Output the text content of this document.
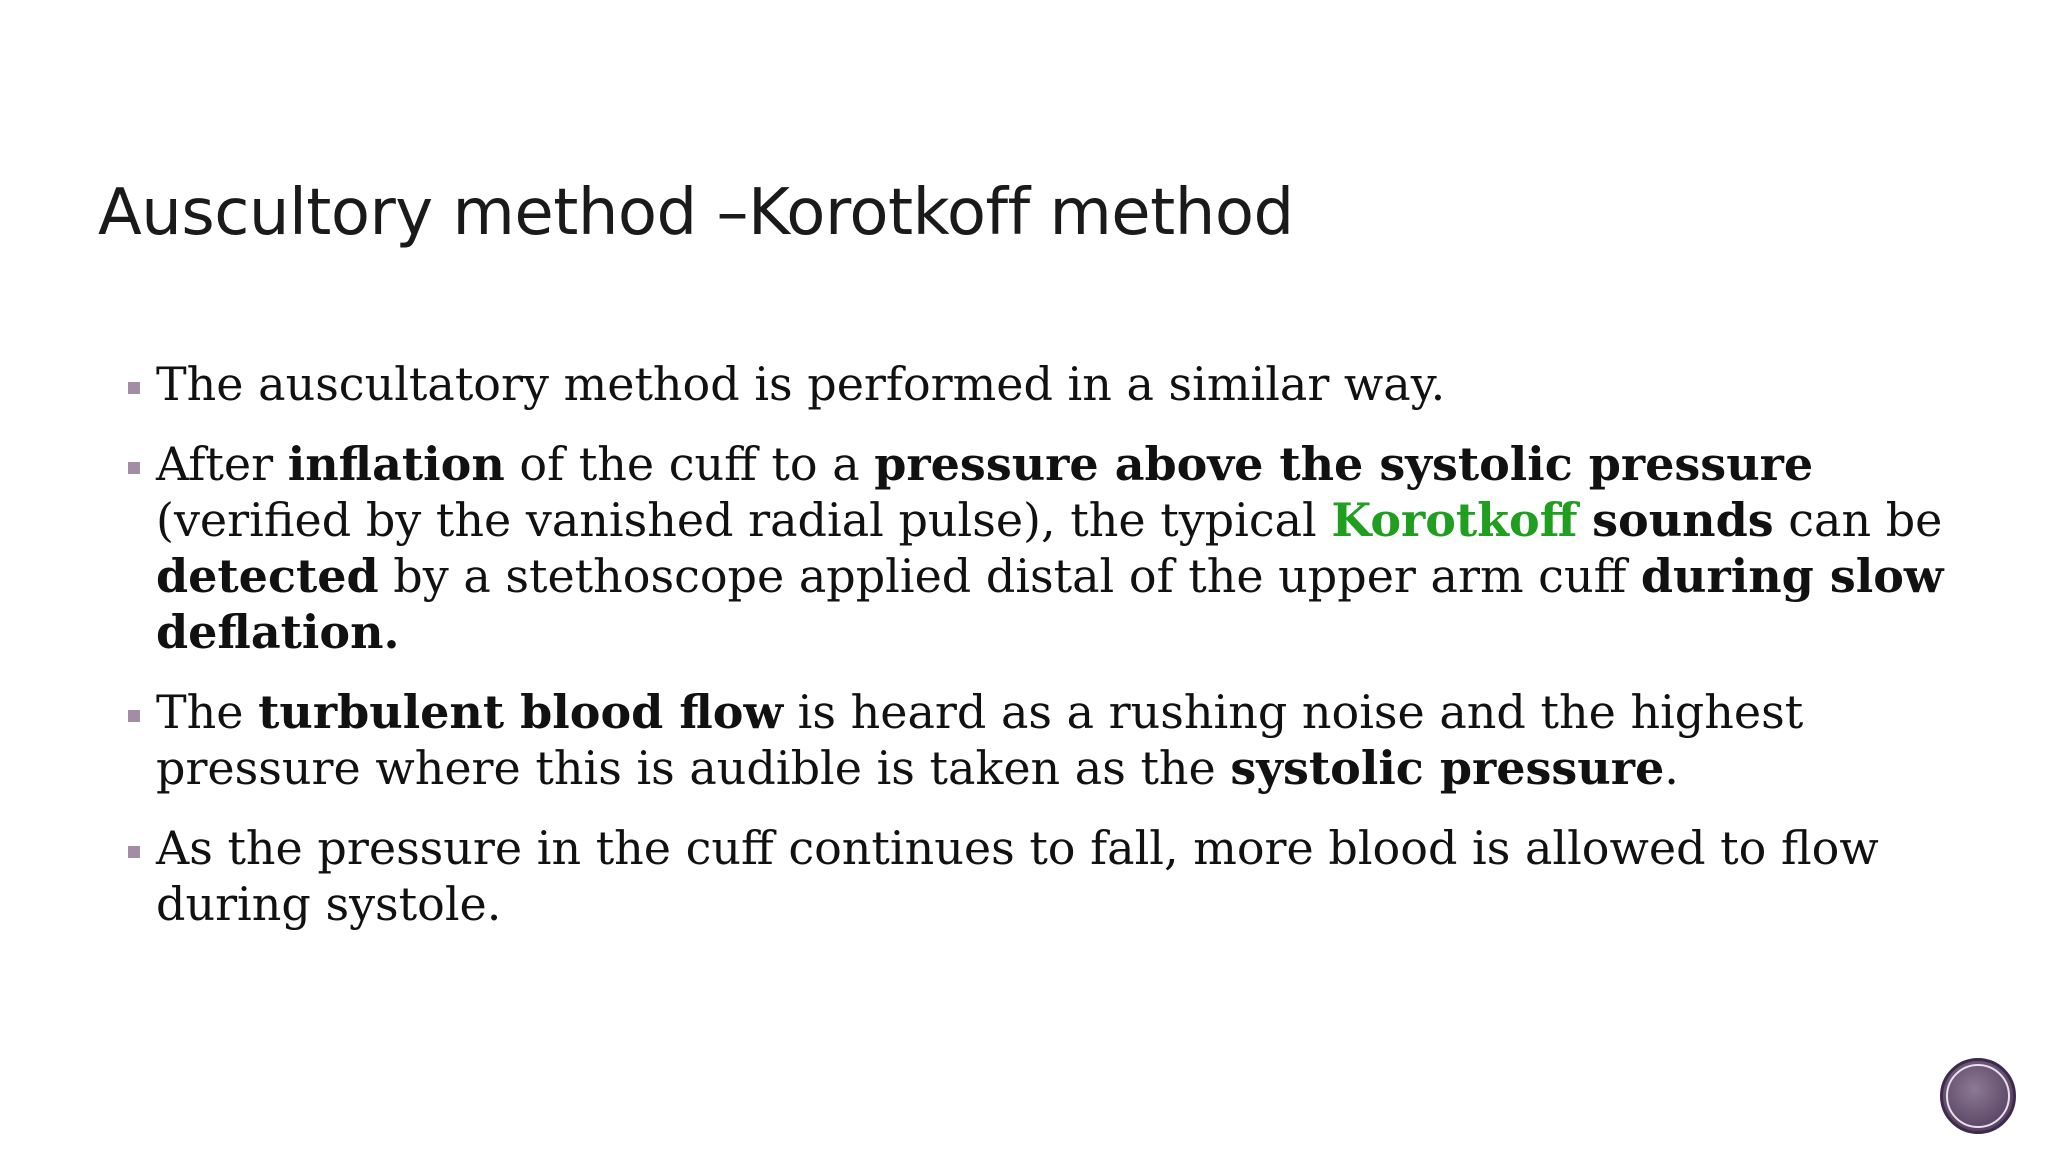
Auscultory method –Korotkoff method
The auscultatory method is performed in a similar way.
After inflation of the cuff to a pressure above the systolic pressure (verified by the vanished radial pulse), the typical Korotkoff sounds can be detected by a stethoscope applied distal of the upper arm cuff during slow deflation.
The turbulent blood flow is heard as a rushing noise and the highest pressure where this is audible is taken as the systolic pressure.
As the pressure in the cuff continues to fall, more blood is allowed to flow during systole.
